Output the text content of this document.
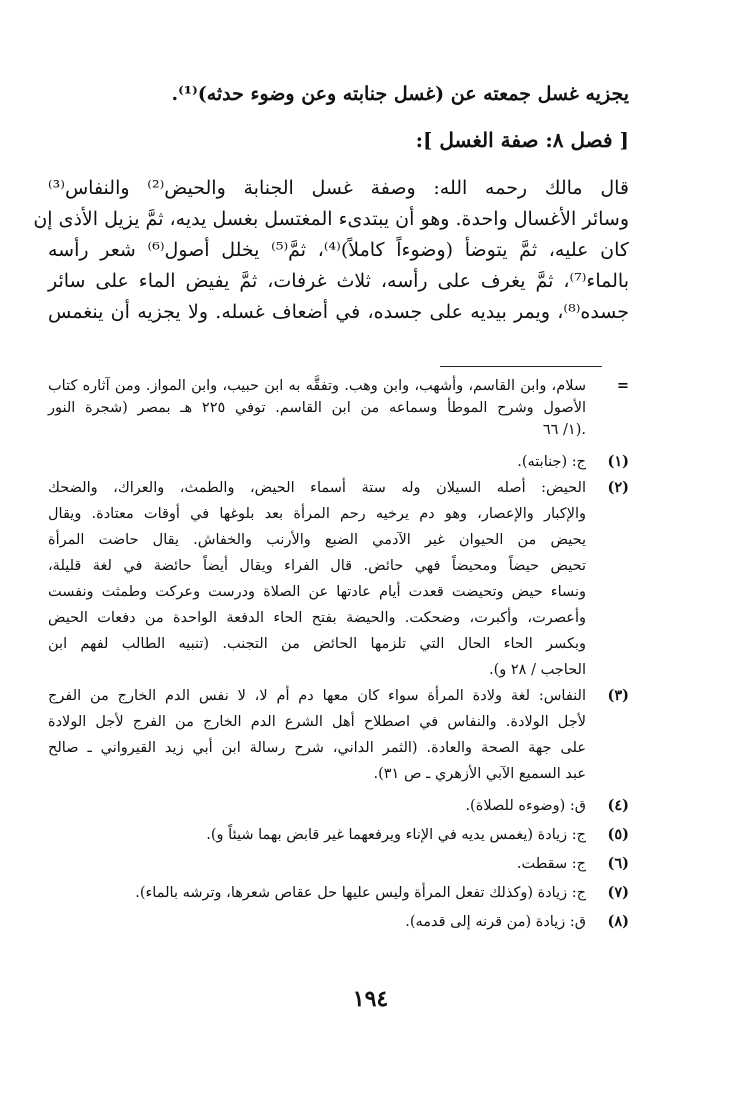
يجزيه غسل جمعته عن (غسل جنابته وعن وضوء حدثه)⁽¹⁾.
[ فصل ٨: صفة الغسل ]:
قال مالك رحمه الله: وصفة غسل الجنابة والحيض⁽²⁾ والنفاس⁽³⁾
وسائر الأغسال واحدة. وهو أن يبتدىء المغتسل بغسل يديه، ثمَّ يزيل الأذى إن
كان عليه، ثمَّ يتوضأ (وضوءاً كاملاً)⁽⁴⁾، ثمَّ⁽⁵⁾ يخلل أصول⁽⁶⁾ شعر رأسه
بالماء⁽⁷⁾، ثمَّ يغرف على رأسه، ثلاث غرفات، ثمَّ يفيض الماء على سائر
جسده⁽⁸⁾، ويمر بيديه على جسده، في أضعاف غسله. ولا يجزيه أن ينغمس
=
سلام، وابن القاسم، وأشهب، وابن وهب. وتفقَّه به ابن حبيب، وابن المواز. ومن آثاره كتاب
الأصول وشرح الموطأ وسماعه من ابن القاسم. توفي ٢٢٥ هـ بمصر (شجرة النور
١/ ٦٦).
(١)
ج: (جنابته).
(٢)
الحيض: أصله السيلان وله ستة أسماء الحيض، والطمث، والعراك، والضحك
والإكبار والإعصار، وهو دم يرخيه رحم المرأة بعد بلوغها في أوقات معتادة. ويقال
يحيض من الحيوان غير الآدمي الضبع والأرنب والخفاش. يقال حاضت المرأة
تحيض حيضاً ومحيضاً فهي حائض. قال الفراء ويقال أيضاً حائضة في لغة قليلة،
ونساء حيض وتحيضت قعدت أيام عادتها عن الصلاة ودرست وعركت وطمثت ونفست
وأعصرت، وأكبرت، وضحكت. والحيضة بفتح الحاء الدفعة الواحدة من دفعات الحيض
وبكسر الحاء الحال التي تلزمها الحائض من التجنب. (تنبيه الطالب لفهم ابن
الحاجب / ٢٨ و).
(٣)
النفاس: لغة ولادة المرأة سواء كان معها دم أم لا، لا نفس الدم الخارج من الفرج
لأجل الولادة. والنفاس في اصطلاح أهل الشرع الدم الخارج من الفرج لأجل الولادة
على جهة الصحة والعادة. (الثمر الداني، شرح رسالة ابن أبي زيد القيرواني ـ صالح
عبد السميع الآبي الأزهري ـ ص ٣١).
(٤)
ق: (وضوءه للصلاة).
(٥)
ج: زيادة (يغمس يديه في الإناء ويرفعهما غير قابض بهما شيئاً و).
(٦)
ج: سقطت.
(٧)
ج: زيادة (وكذلك تفعل المرأة وليس عليها حل عقاص شعرها، وترشه بالماء).
(٨)
ق: زيادة (من قرنه إلى قدمه).
١٩٤
